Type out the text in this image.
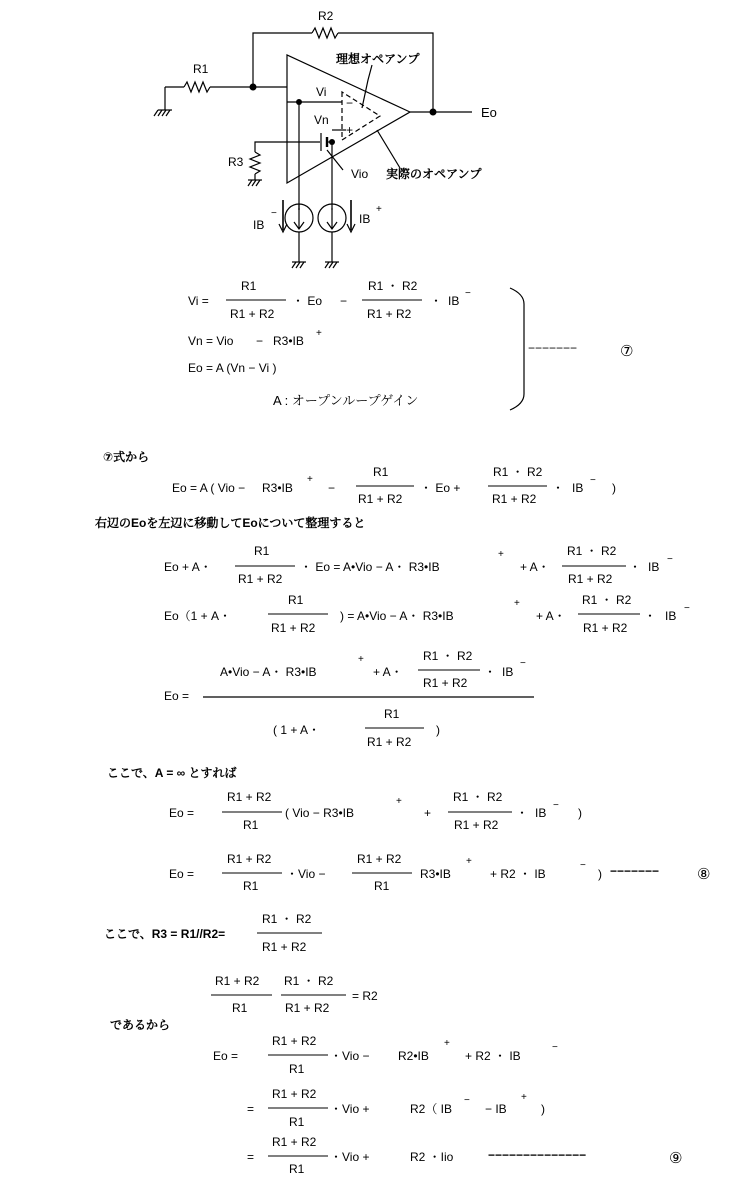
R2
R1
R3
Vi
Vn
Vio
Eo
IB
−	IB
+
−
+
理想オペアンプ
実際のオペアンプ
Vi =
R1
R1 + R2
・ Eo −
R1 ・ R2
R1 + R2
・ IB
−
Vn = Vio − R3•IB
+
Eo = A (Vn − Vi )
A : オープンループゲイン
−−−−−−−	⑦
⑦式から
Eo = A ( Vio − R3•IB
+
−
R1
R1 + R2
・ Eo +
R1 ・ R2
R1 + R2
・ IB
−
)
右辺のEoを左辺に移動してEoについて整理すると
Eo + A・
R1
R1 + R2
・ Eo = A•Vio − A・ R3•IB
+
+ A・
R1 ・ R2
R1 + R2
・ IB
−
Eo（1 + A・
R1
R1 + R2
) = A•Vio − A・ R3•IB
+
+ A・
R1 ・ R2
R1 + R2
・ IB
−
Eo =
A•Vio − A・ R3•IB
+
+ A・
R1 ・ R2
R1 + R2
・ IB
−
( 1 + A・
R1
R1 + R2
)
ここで、A = ∞ とすれば
Eo =
R1 + R2
R1
( Vio − R3•IB
+
+
R1 ・ R2
R1 + R2
・ IB
−
)
Eo =
R1 + R2
R1
・Vio −
R1 + R2
R1
R3•IB
+
+ R2 ・ IB
−
) −−−−−−−	⑧
ここで、R3 = R1//R2=
R1 ・ R2
R1 + R2
R1 + R2
R1
R1 ・ R2
R1 + R2
= R2
であるから
Eo =
R1 + R2
R1
・Vio − R2•IB
+
+ R2 ・ IB
−
=
R1 + R2
R1
・Vio +	R2（ IB
−
− IB
+
)
=
R1 + R2
R1
・Vio +	R2 ・Iio	−−−−−−−−−−−−−−	⑨
